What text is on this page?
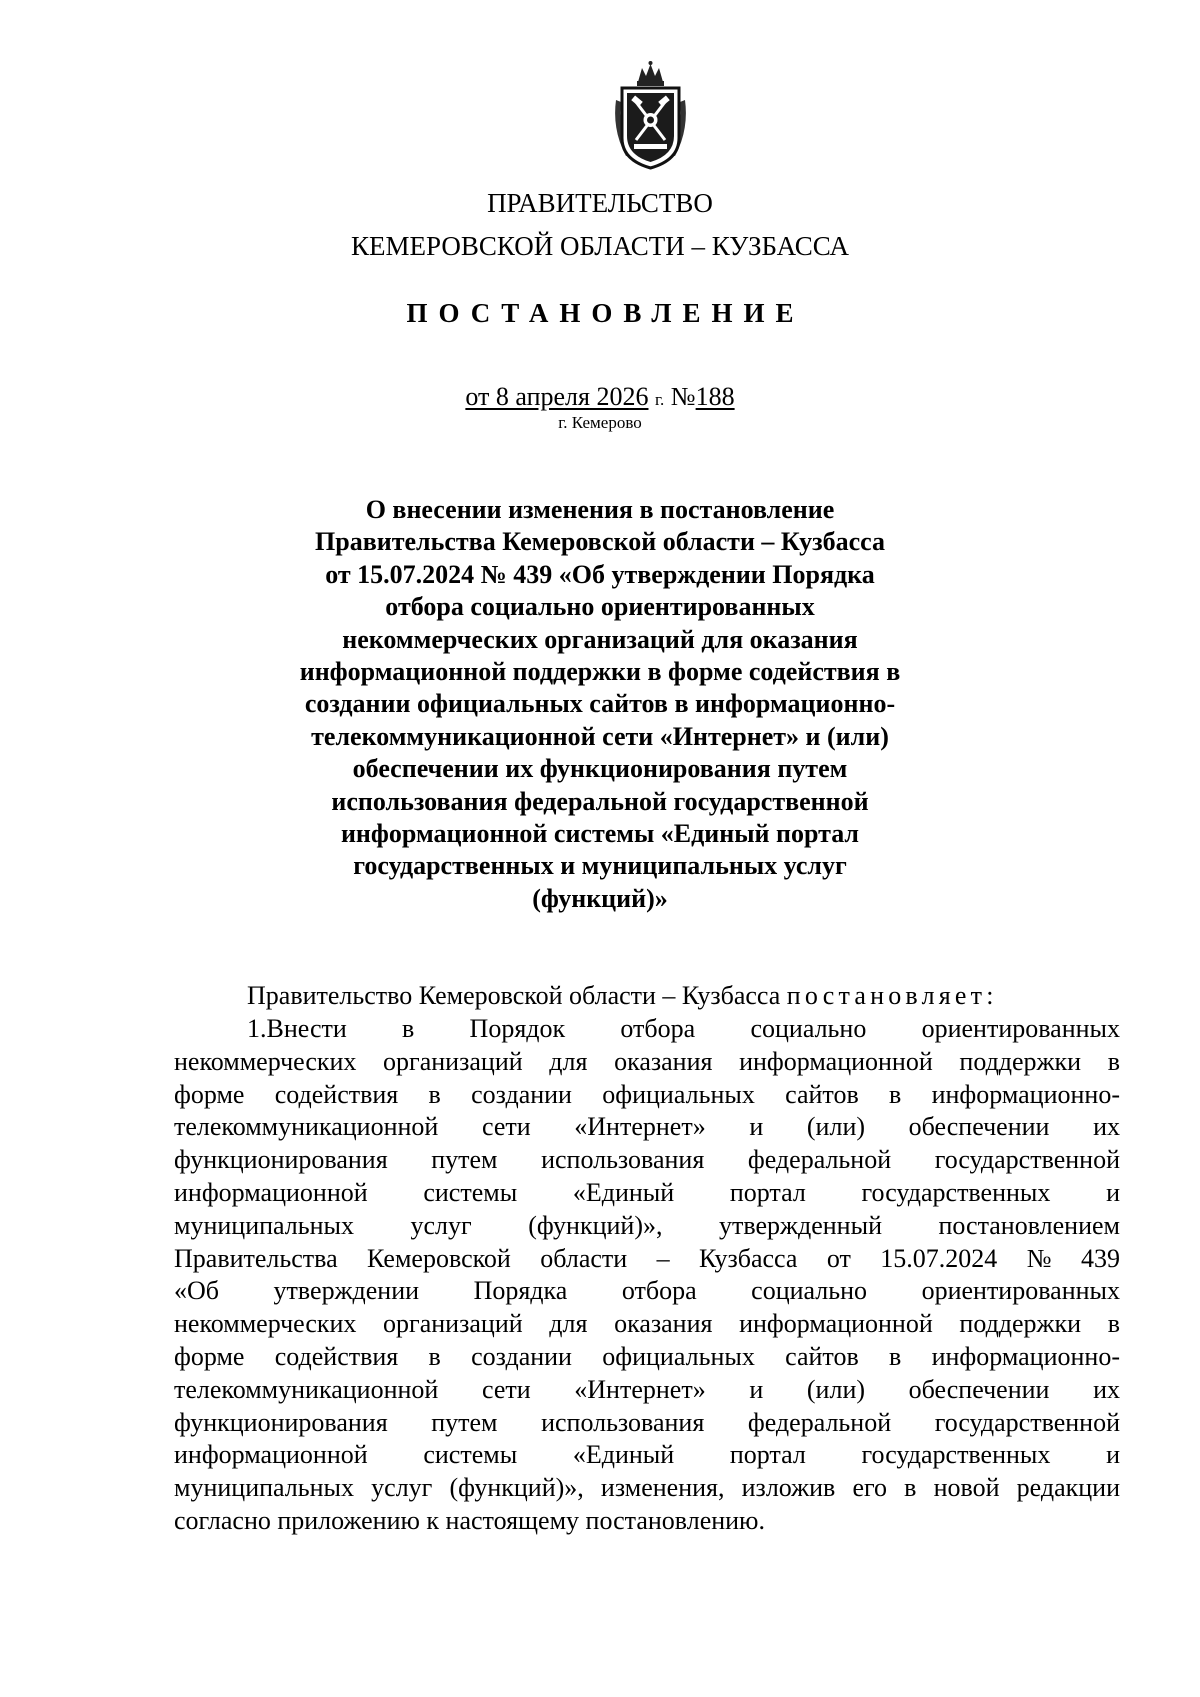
ПРАВИТЕЛЬСТВО
КЕМЕРОВСКОЙ ОБЛАСТИ – КУЗБАССА
ПОСТАНОВЛЕНИЕ
от 8 апреля 2026 г. №188
г. Кемерово
О внесении изменения в постановление
Правительства Кемеровской области – Кузбасса
от 15.07.2024 № 439 «Об утверждении Порядка
отбора социально ориентированных
некоммерческих организаций для оказания
информационной поддержки в форме содействия в
создании официальных сайтов в информационно-
телекоммуникационной сети «Интернет» и (или)
обеспечении их функционирования путем
использования федеральной государственной
информационной системы «Единый портал
государственных и муниципальных услуг
(функций)»
Правительство Кемеровской области – Кузбасса постановляет:
1.Внести в Порядок отбора социально ориентированных
некоммерческих организаций для оказания информационной поддержки в
форме содействия в создании официальных сайтов в информационно-
телекоммуникационной сети «Интернет» и (или) обеспечении их
функционирования путем использования федеральной государственной
информационной системы «Единый портал государственных и
муниципальных услуг (функций)», утвержденный постановлением
Правительства Кемеровской области – Кузбасса от 15.07.2024 № 439
«Об утверждении Порядка отбора социально ориентированных
некоммерческих организаций для оказания информационной поддержки в
форме содействия в создании официальных сайтов в информационно-
телекоммуникационной сети «Интернет» и (или) обеспечении их
функционирования путем использования федеральной государственной
информационной системы «Единый портал государственных и
муниципальных услуг (функций)», изменения, изложив его в новой редакции
согласно приложению к настоящему постановлению.
